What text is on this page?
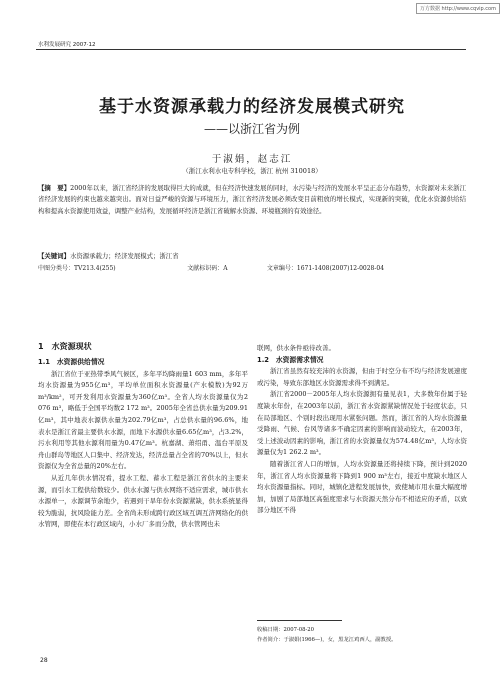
万方数据 http://www.cqvip.com
水利发展研究 2007·12
基于水资源承载力的经济发展模式研究
——以浙江省为例
于淑娟，赵志江
（浙江水利水电专科学校，浙江 杭州 310018）
【摘　要】2000年以来，浙江省经济的发展取得巨大的成就，但在经济快速发展的同时，水污染与经济的发展水平呈正态分布趋势，水资源对未来浙江省经济发展的约束也越来越突出。面对日益严峻的资源与环境压力，浙江省经济发展必须改变目前粗放的增长模式，实现新的突破，优化水资源供给结构和提高水资源使用效益，调整产业结构，发展循环经济是浙江省破解水资源、环境瓶颈的有效途径。
【关键词】水资源承载力；经济发展模式；浙江省
中图分类号：TV213.4(255)	文献标识码：A	文章编号：1671-1408(2007)12-0028-04
1　水资源现状
1.1　水资源供给情况

浙江省位于亚热带季风气候区，多年平均降雨量1 603 mm，多年平均水资源量为955亿m³，平均单位面积水资源量(产水模数)为92万m³/km²，可开发利用水资源量为360亿m³。全省人均水资源量仅为2 076 m³，略低于全国平均数2 172 m³。2005年全省总供水量为209.91亿m³，其中地表水源供水量为202.79亿m³，占总供水量的96.6%，地表水是浙江省最主要供水水源，而地下水源供水量6.65亿m³，占3.2%，污水利用等其他水源利用量为0.47亿m³。杭嘉湖、萧绍甬、温台平原及舟山群岛等地区人口集中、经济发达，经济总量占全省的70%以上，但水资源仅为全省总量的20%左右。

从近几年供水情况看，提水工程、蓄水工程是浙江省供水的主要来源，而引水工程供给数较少。供水水源与供水网络不适应需求，城市供水水源单一，水源调节余地少，若遇到干旱年份水资源紧缺，供水系统显得较为脆弱，抗风险能力差。全省尚未形成跨行政区域互调互济网络化的供水管网，即使在本行政区域内，小水厂多而分散，供水管网也未

联网，供水条件亟待改善。

1.2　水资源需求情况

浙江省虽然有较充沛的水资源，但由于时空分布不均与经济发展速度或污染，导致东部地区水资源需求得不到满足。

浙江省2000－2005年人均水资源拥有量见表1，大多数年份属于轻度缺水年份，在2003年以前，浙江省水资源紧缺情况处于轻度状态，只在局部地区、个别时段出现用水紧张问题。然而，浙江省的人均水资源量受降雨、气候、台风等诸多不确定因素的影响而波动较大，在2003年，受上述波动因素的影响，浙江省的水资源量仅为574.48亿m³，人均水资源量仅为1 262.2 m³。

随着浙江省人口的增加，人均水资源量还将持续下降，预计到2020年，浙江省人均水资源量将下降到1 900 m³左右，接近中度缺水地区人均水资源量指标。同时，城镇化进程发展加快，致使城市用水量大幅度增加，加剧了局部地区高强度需求与水资源天然分布不相适应的矛盾，以致部分地区不得

收稿日期：2007-08-20
作者简介：于淑娟(1966—)，女，黑龙江鸡西人，副教授。
28
